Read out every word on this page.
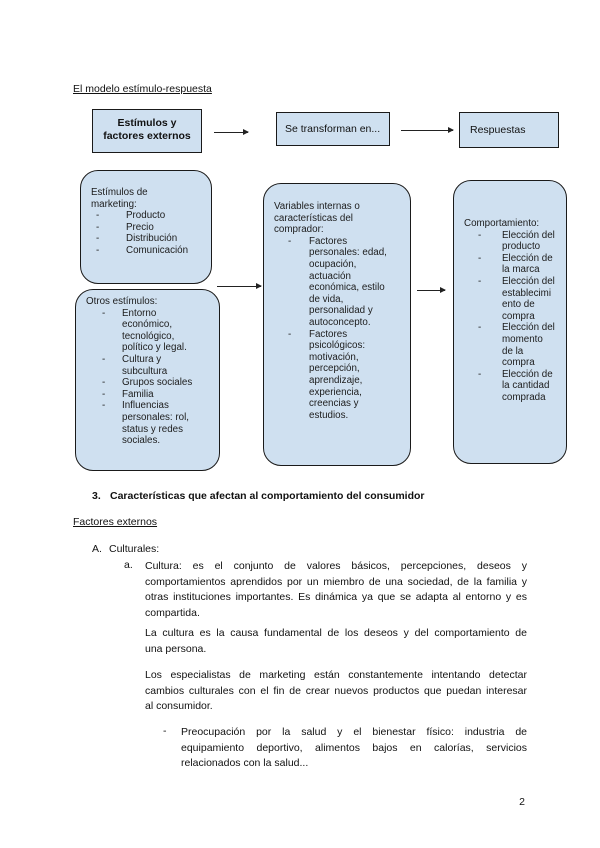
El modelo estímulo-respuesta
Estímulos y
factores externos
Se transforman en...	Respuestas
Estímulos de
marketing:
- Producto
- Precio
- Distribución
- Comunicación
Otros estímulos:
- Entorno
económico,
tecnológico,
político y legal.
- Cultura y
subcultura
- Grupos sociales
- Familia
- Influencias
personales: rol,
status y redes
sociales.
Variables internas o
características del
comprador:
- Factores
personales: edad,
ocupación,
actuación
económica, estilo
de vida,
personalidad y
autoconcepto.
- Factores
psicológicos:
motivación,
percepción,
aprendizaje,
experiencia,
creencias y
estudios.
Comportamiento:
- Elección del
producto
- Elección de
la marca
- Elección del
establecimi
ento de
compra
- Elección del
momento
de la
compra
- Elección de
la cantidad
comprada
3. Características que afectan al comportamiento del consumidor
Factores externos
A. Culturales:
a. Cultura: es el conjunto de valores básicos, percepciones, deseos y
comportamientos aprendidos por un miembro de una sociedad, de la familia y
otras instituciones importantes. Es dinámica ya que se adapta al entorno y es
compartida.
La cultura es la causa fundamental de los deseos y del comportamiento de
una persona.
Los especialistas de marketing están constantemente intentando detectar
cambios culturales con el fin de crear nuevos productos que puedan interesar
al consumidor.
- Preocupación por la salud y el bienestar físico: industria de
equipamiento deportivo, alimentos bajos en calorías, servicios
relacionados con la salud...
2
